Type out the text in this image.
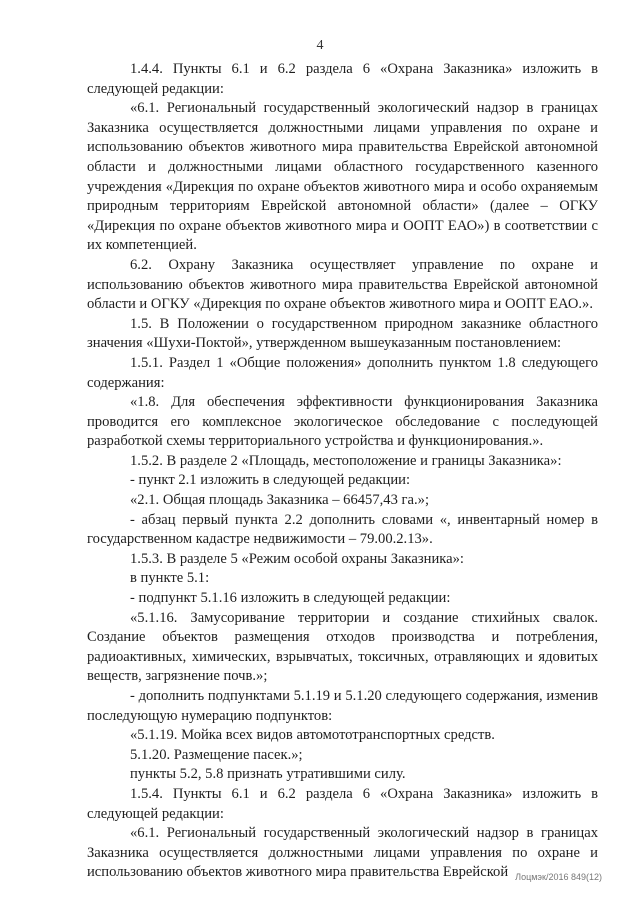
4

1.4.4. Пункты 6.1 и 6.2 раздела 6 «Охрана Заказника» изложить в следующей редакции:

«6.1. Региональный государственный экологический надзор в границах Заказника осуществляется должностными лицами управления по охране и использованию объектов животного мира правительства Еврейской автономной области и должностными лицами областного государственного казенного учреждения «Дирекция по охране объектов животного мира и особо охраняемым природным территориям Еврейской автономной области» (далее – ОГКУ «Дирекция по охране объектов животного мира и ООПТ ЕАО») в соответствии с их компетенцией.

6.2. Охрану Заказника осуществляет управление по охране и использованию объектов животного мира правительства Еврейской автономной области и ОГКУ «Дирекция по охране объектов животного мира и ООПТ ЕАО.».

1.5. В Положении о государственном природном заказнике областного значения «Шухи-Поктой», утвержденном вышеуказанным постановлением:

1.5.1. Раздел 1 «Общие положения» дополнить пунктом 1.8 следующего содержания:

«1.8. Для обеспечения эффективности функционирования Заказника проводится его комплексное экологическое обследование с последующей разработкой схемы территориального устройства и функционирования.».

1.5.2. В разделе 2 «Площадь, местоположение и границы Заказника»:

- пункт 2.1 изложить в следующей редакции:

«2.1. Общая площадь Заказника – 66457,43 га.»;

- абзац первый пункта 2.2 дополнить словами «, инвентарный номер в государственном кадастре недвижимости – 79.00.2.13».

1.5.3. В разделе 5 «Режим особой охраны Заказника»:

в пункте 5.1:

- подпункт 5.1.16 изложить в следующей редакции:

«5.1.16. Замусоривание территории и создание стихийных свалок. Создание объектов размещения отходов производства и потребления, радиоактивных, химических, взрывчатых, токсичных, отравляющих и ядовитых веществ, загрязнение почв.»;

- дополнить подпунктами 5.1.19 и 5.1.20 следующего содержания, изменив последующую нумерацию подпунктов:

«5.1.19. Мойка всех видов автомототранспортных средств.

5.1.20. Размещение пасек.»;

пункты 5.2, 5.8 признать утратившими силу.

1.5.4. Пункты 6.1 и 6.2 раздела 6 «Охрана Заказника» изложить в следующей редакции:

«6.1. Региональный государственный экологический надзор в границах Заказника осуществляется должностными лицами управления по охране и использованию объектов животного мира правительства Еврейской Лоцмэк/2016 849(12)
